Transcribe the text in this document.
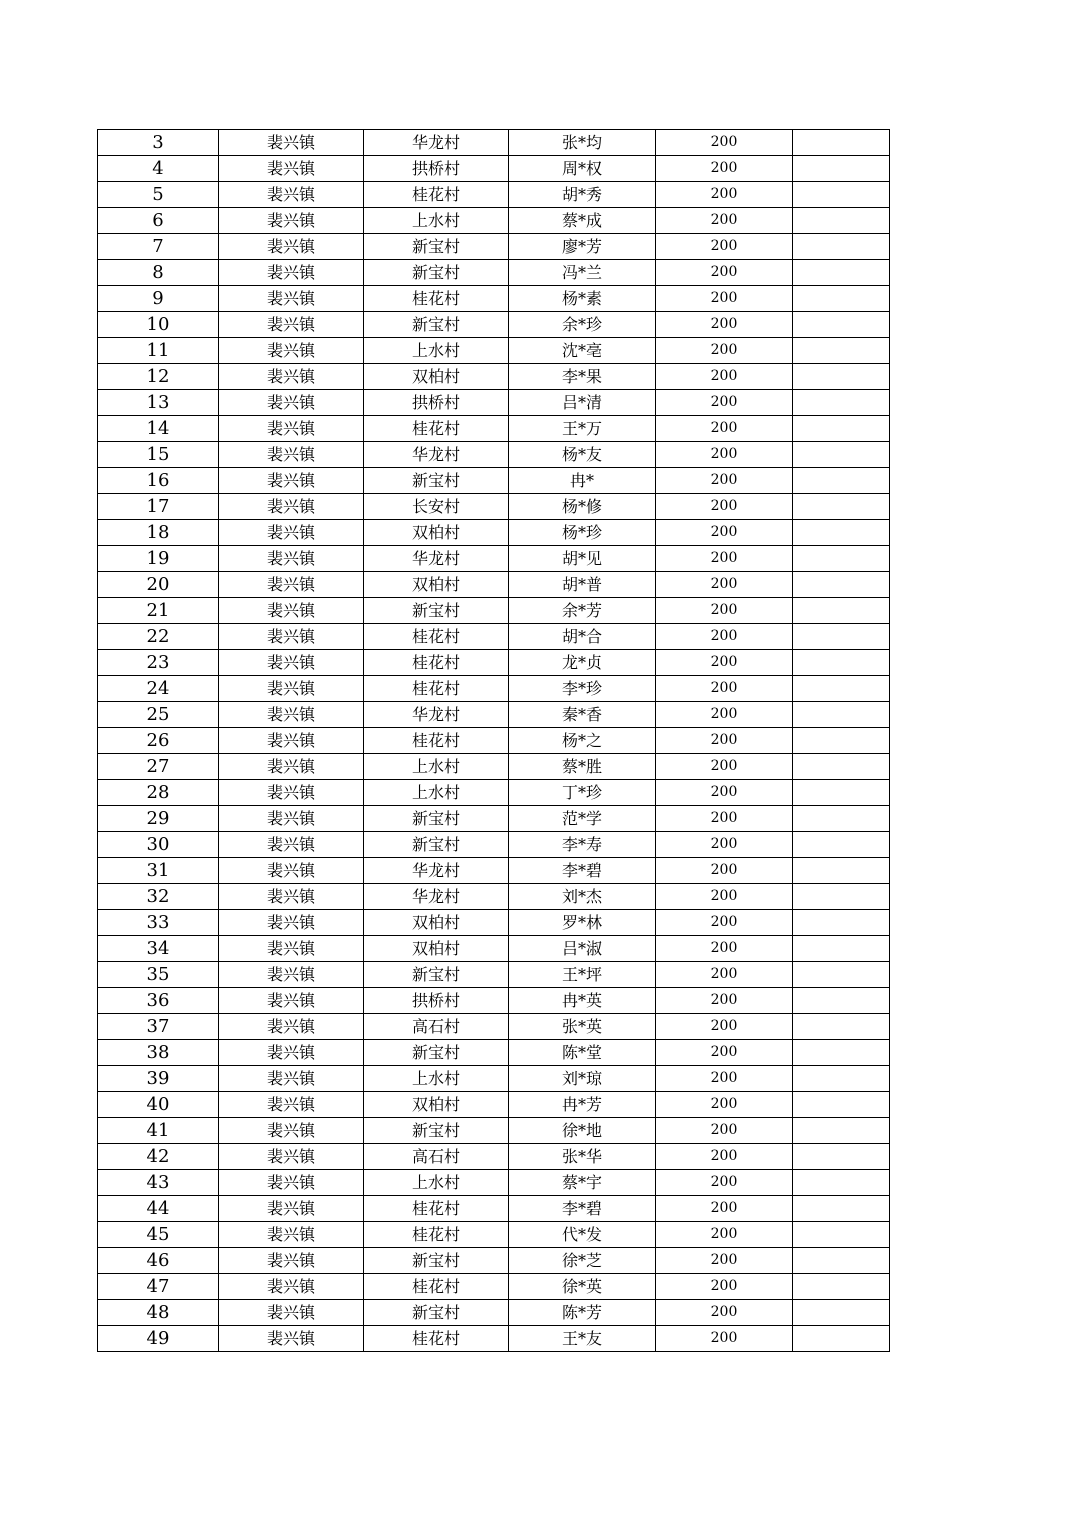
3	裴兴镇	华龙村	张*均	200	
4	裴兴镇	拱桥村	周*权	200	
5	裴兴镇	桂花村	胡*秀	200	
6	裴兴镇	上水村	蔡*成	200	
7	裴兴镇	新宝村	廖*芳	200	
8	裴兴镇	新宝村	冯*兰	200	
9	裴兴镇	桂花村	杨*素	200	
10	裴兴镇	新宝村	余*珍	200	
11	裴兴镇	上水村	沈*亳	200	
12	裴兴镇	双柏村	李*果	200	
13	裴兴镇	拱桥村	吕*清	200	
14	裴兴镇	桂花村	王*万	200	
15	裴兴镇	华龙村	杨*友	200	
16	裴兴镇	新宝村	冉*	200	
17	裴兴镇	长安村	杨*修	200	
18	裴兴镇	双柏村	杨*珍	200	
19	裴兴镇	华龙村	胡*见	200	
20	裴兴镇	双柏村	胡*普	200	
21	裴兴镇	新宝村	余*芳	200	
22	裴兴镇	桂花村	胡*合	200	
23	裴兴镇	桂花村	龙*贞	200	
24	裴兴镇	桂花村	李*珍	200	
25	裴兴镇	华龙村	秦*香	200	
26	裴兴镇	桂花村	杨*之	200	
27	裴兴镇	上水村	蔡*胜	200	
28	裴兴镇	上水村	丁*珍	200	
29	裴兴镇	新宝村	范*学	200	
30	裴兴镇	新宝村	李*寿	200	
31	裴兴镇	华龙村	李*碧	200	
32	裴兴镇	华龙村	刘*杰	200	
33	裴兴镇	双柏村	罗*林	200	
34	裴兴镇	双柏村	吕*淑	200	
35	裴兴镇	新宝村	王*坪	200	
36	裴兴镇	拱桥村	冉*英	200	
37	裴兴镇	高石村	张*英	200	
38	裴兴镇	新宝村	陈*堂	200	
39	裴兴镇	上水村	刘*琼	200	
40	裴兴镇	双柏村	冉*芳	200	
41	裴兴镇	新宝村	徐*地	200	
42	裴兴镇	高石村	张*华	200	
43	裴兴镇	上水村	蔡*宇	200	
44	裴兴镇	桂花村	李*碧	200	
45	裴兴镇	桂花村	代*发	200	
46	裴兴镇	新宝村	徐*芝	200	
47	裴兴镇	桂花村	徐*英	200	
48	裴兴镇	新宝村	陈*芳	200	
49	裴兴镇	桂花村	王*友	200	
